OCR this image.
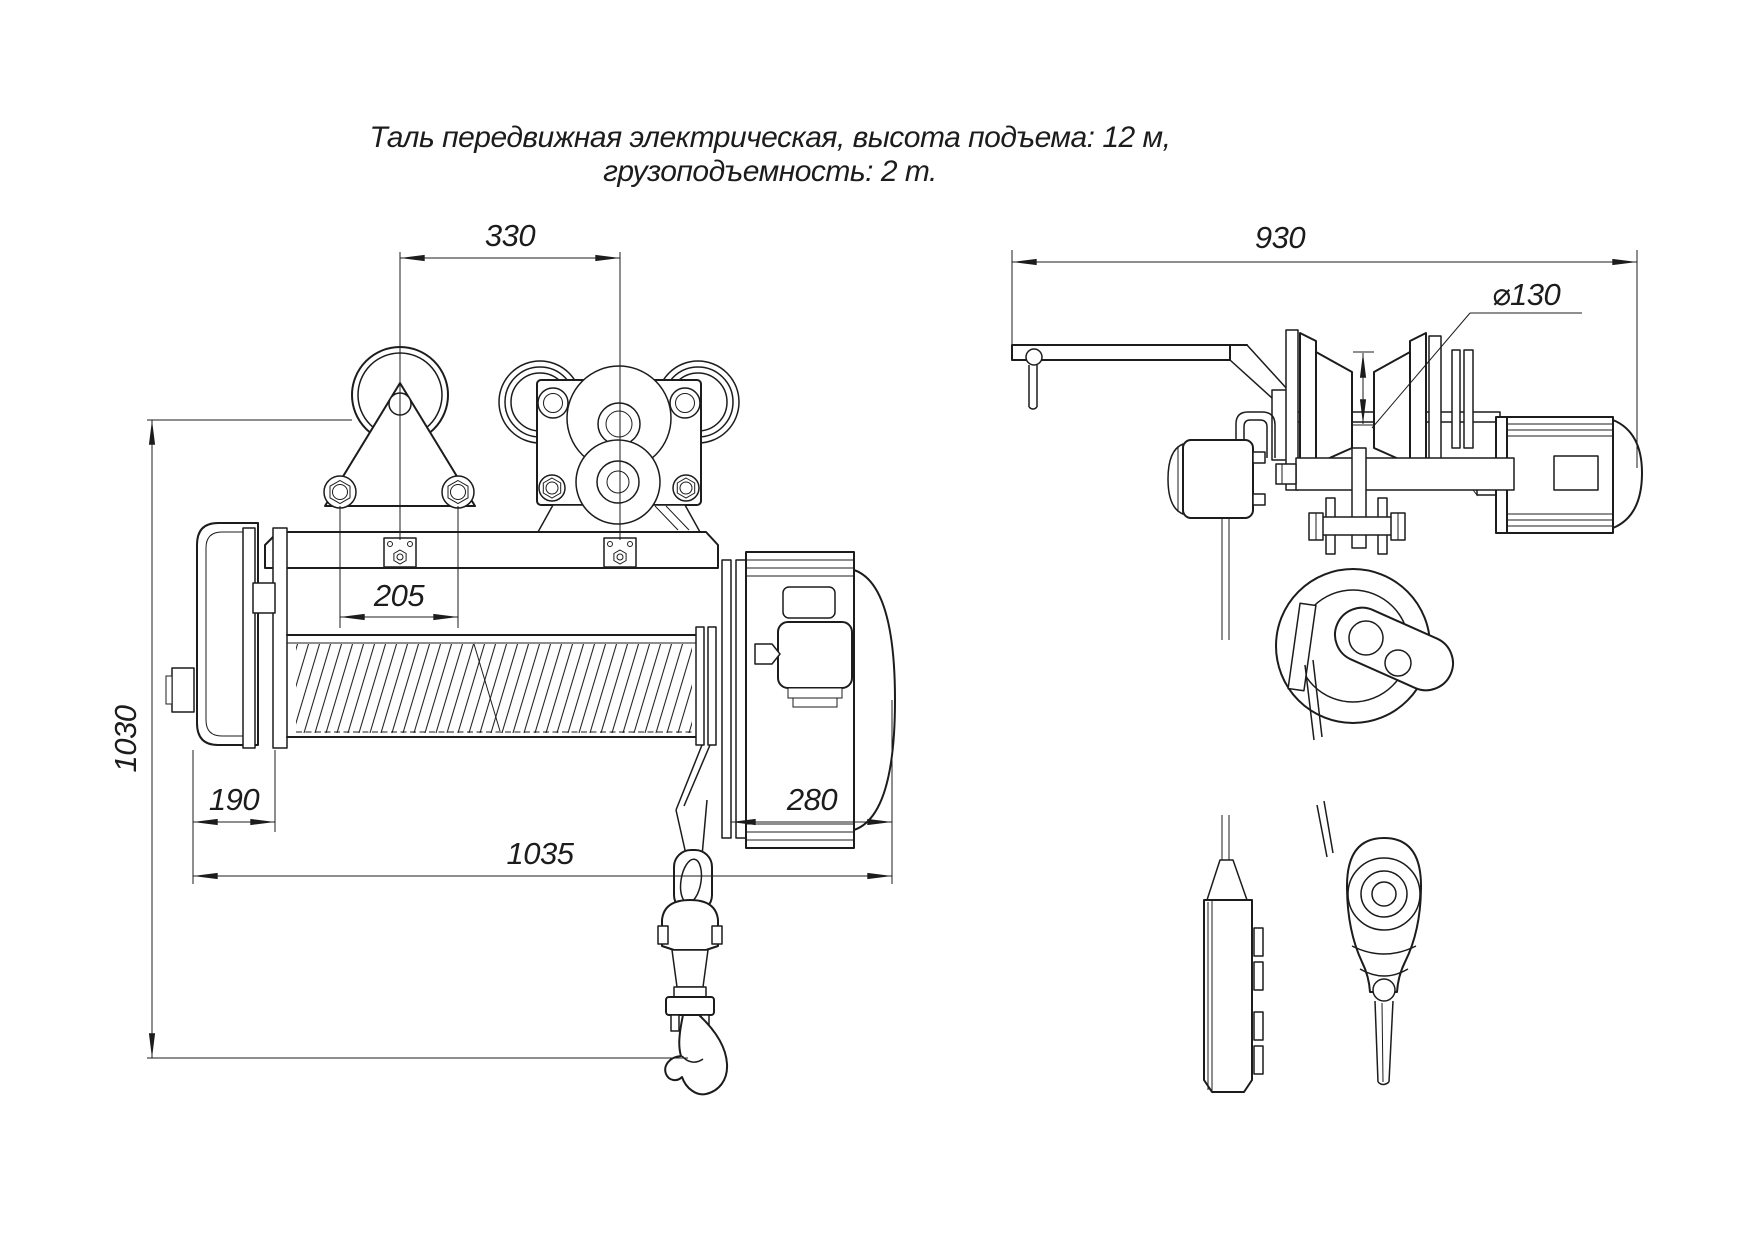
Таль передвижная электрическая, высота подъема: 12 м,
грузоподъемность: 2 т.
330
205
190	280
1035
1030
930
⌀130
